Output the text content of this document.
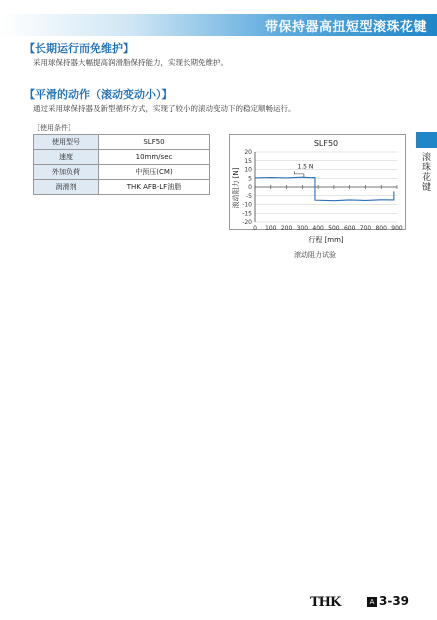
带保持器高扭短型滚珠花键
滚珠花键
【长期运行而免维护】
采用球保持器大幅提高润滑脂保持能力，实现长期免维护。
【平滑的动作（滚动变动小）】
通过采用球保持器及新型循环方式，实现了较小的滚动变动下的稳定顺畅运行。
［使用条件］
使用型号	SLF50
速度	10mm/sec
外加负荷	中预压(CM)
润滑剂	THK AFB-LF油脂
SLF50
滚动阻力 [N]
行程 [mm]
20
15
10
5
0
-5
-10
-15
-20
0 100 200 300 400 500 600 700 800 900
1.5 N
滚动阻力试验
THK	A 3-39
